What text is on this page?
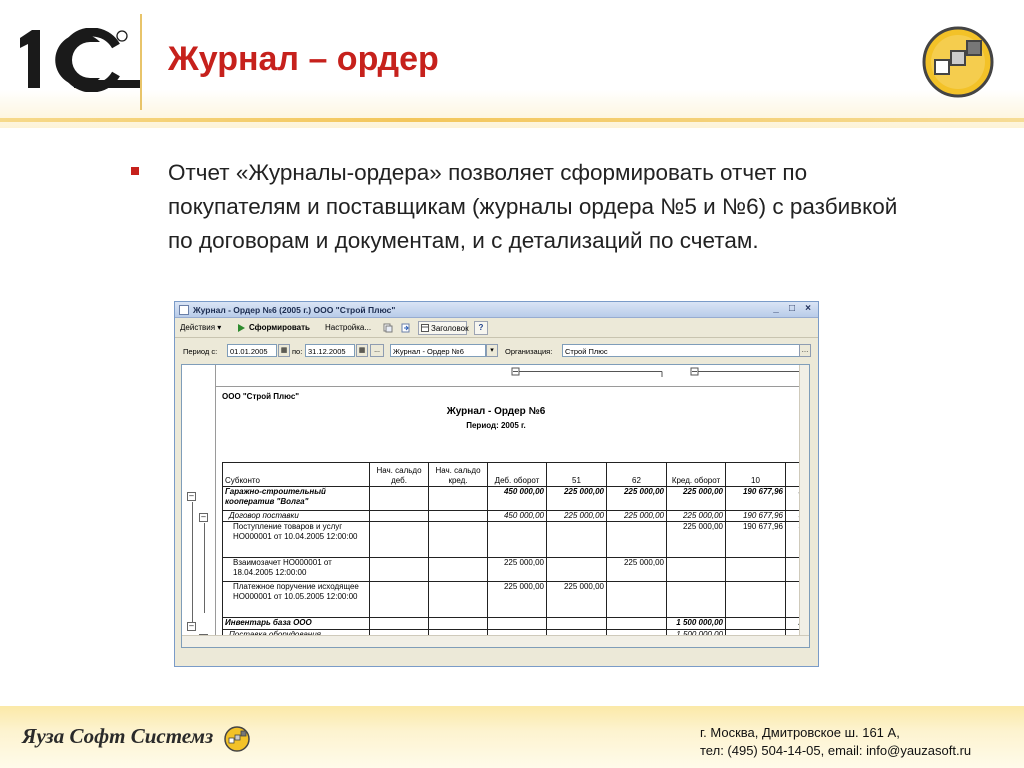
Журнал – ордер
Отчет «Журналы-ордера» позволяет сформировать отчет по покупателям и поставщикам (журналы ордера №5 и №6) с разбивкой по договорам и документам, и с детализаций по счетам.
Журнал - Ордер №6 (2005 г.) ООО "Строй Плюс"	_	□	×
Действия ▾	Сформировать Настройка...	Заголовок	?
Период с:	01.01.2005	▦ по: 31.12.2005	▦	...	Журнал - Ордер №6	▾	Организация:	Строй Плюс	…
–
–
–
ООО "Строй Плюс"
Журнал - Ордер №6
Период: 2005 г.
Субконто	Нач. сальдо деб.	Нач. сальдо кред.	Деб. оборот	51	62	Кред. оборот	10	
Гаражно-строительный кооператив "Волга"			450 000,00	225 000,00	225 000,00	225 000,00	190 677,96	
Договор поставки			450 000,00	225 000,00	225 000,00	225 000,00	190 677,96	
Поступление товаров и услуг НО000001 от 10.04.2005 12:00:00						225 000,00	190 677,96	
Взаимозачет НО000001 от 18.04.2005 12:00:00			225 000,00		225 000,00			
Платежное поручение исходящее НО000001 от 10.05.2005 12:00:00			225 000,00	225 000,00				
Инвентарь база ООО						1 500 000,00		

Яуза Софт Системз	г. Москва, Дмитровское ш. 161 А,
тел: (495) 504-14-05, email: info@yauzasoft.ru
